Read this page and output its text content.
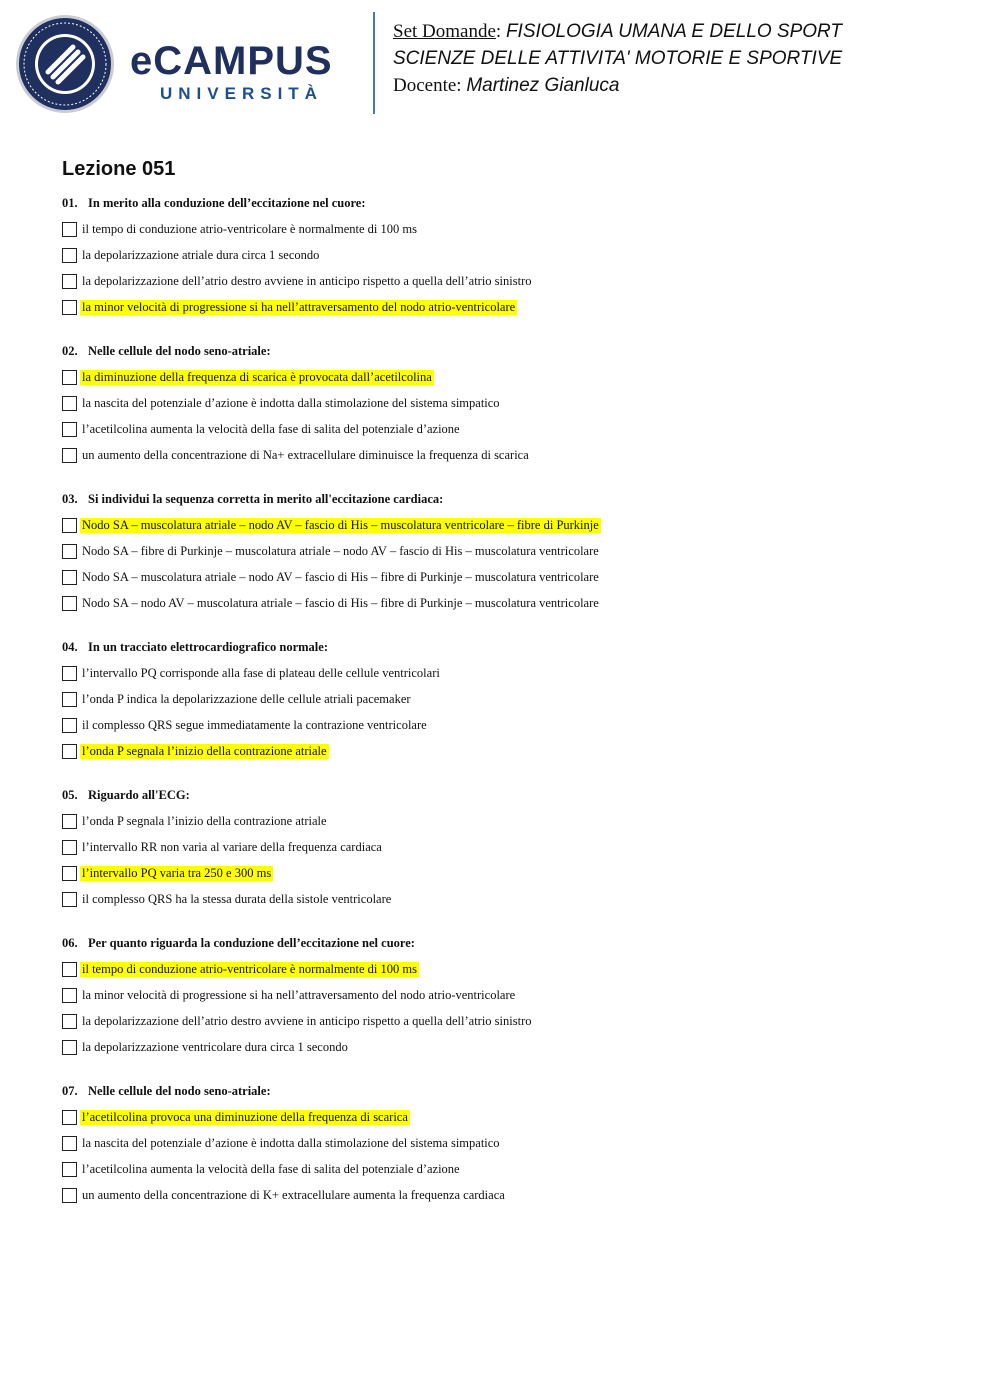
eCAMPUS
UNIVERSITÀ
Set Domande: FISIOLOGIA UMANA E DELLO SPORT
SCIENZE DELLE ATTIVITA' MOTORIE E SPORTIVE
Docente: Martinez Gianluca
Lezione 051
01. In merito alla conduzione dell’eccitazione nel cuore:
il tempo di conduzione atrio-ventricolare è normalmente di 100 ms
la depolarizzazione atriale dura circa 1 secondo
la depolarizzazione dell’atrio destro avviene in anticipo rispetto a quella dell’atrio sinistro
la minor velocità di progressione si ha nell’attraversamento del nodo atrio-ventricolare
02. Nelle cellule del nodo seno-atriale:
la diminuzione della frequenza di scarica è provocata dall’acetilcolina
la nascita del potenziale d’azione è indotta dalla stimolazione del sistema simpatico
l’acetilcolina aumenta la velocità della fase di salita del potenziale d’azione
un aumento della concentrazione di Na+ extracellulare diminuisce la frequenza di scarica
03. Si individui la sequenza corretta in merito all'eccitazione cardiaca:
Nodo SA – muscolatura atriale – nodo AV – fascio di His – muscolatura ventricolare – fibre di Purkinje
Nodo SA – fibre di Purkinje – muscolatura atriale – nodo AV – fascio di His – muscolatura ventricolare
Nodo SA – muscolatura atriale – nodo AV – fascio di His – fibre di Purkinje – muscolatura ventricolare
Nodo SA – nodo AV – muscolatura atriale – fascio di His – fibre di Purkinje – muscolatura ventricolare
04. In un tracciato elettrocardiografico normale:
l’intervallo PQ corrisponde alla fase di plateau delle cellule ventricolari
l’onda P indica la depolarizzazione delle cellule atriali pacemaker
il complesso QRS segue immediatamente la contrazione ventricolare
l’onda P segnala l’inizio della contrazione atriale
05. Riguardo all'ECG:
l’onda P segnala l’inizio della contrazione atriale
l’intervallo RR non varia al variare della frequenza cardiaca
l’intervallo PQ varia tra 250 e 300 ms
il complesso QRS ha la stessa durata della sistole ventricolare
06. Per quanto riguarda la conduzione dell’eccitazione nel cuore:
il tempo di conduzione atrio-ventricolare è normalmente di 100 ms
la minor velocità di progressione si ha nell’attraversamento del nodo atrio-ventricolare
la depolarizzazione dell’atrio destro avviene in anticipo rispetto a quella dell’atrio sinistro
la depolarizzazione ventricolare dura circa 1 secondo
07. Nelle cellule del nodo seno-atriale:
l’acetilcolina provoca una diminuzione della frequenza di scarica
la nascita del potenziale d’azione è indotta dalla stimolazione del sistema simpatico
l’acetilcolina aumenta la velocità della fase di salita del potenziale d’azione
un aumento della concentrazione di K+ extracellulare aumenta la frequenza cardiaca
